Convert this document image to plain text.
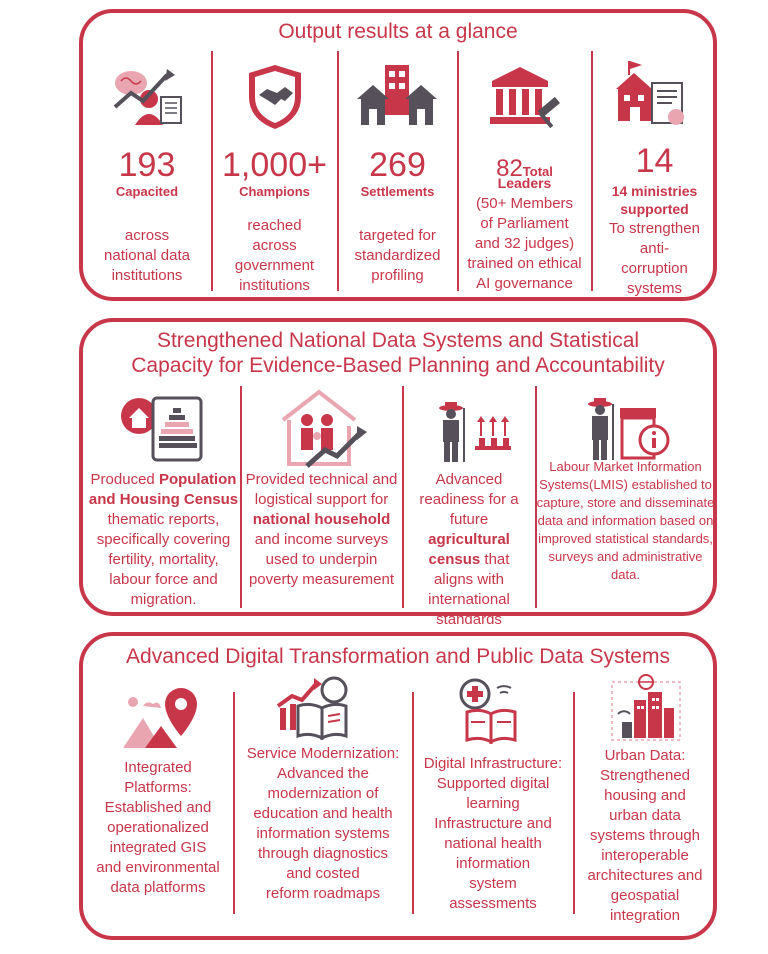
Output results at a glance
193
Capacited
across
national data
institutions
1,000+
Champions
reached
across
government
institutions
269
Settlements
targeted for
standardized
profiling
82Total
Leaders
(50+ Members
of Parliament
and 32 judges)
trained on ethical
AI governance
14
14 ministries
supported
To strengthen
anti-
corruption
systems
Strengthened National Data Systems and Statistical
Capacity for Evidence-Based Planning and Accountability
Produced Population and Housing Census thematic reports, specifically covering fertility, mortality, labour force and migration.
Provided technical and logistical support for national household and income surveys used to underpin poverty measurement
Advanced readiness for a future agricultural census that aligns with international standards
Labour Market Information Systems(LMIS) established to capture, store and disseminate data and information based on improved statistical standards, surveys and administrative data.
Advanced Digital Transformation and Public Data Systems
Integrated
Platforms:
Established and
operationalized
integrated GIS
and environmental
data platforms
Service Modernization:
Advanced the
modernization of
education and health
information systems
through diagnostics
and costed
reform roadmaps
Digital Infrastructure:
Supported digital
learning
Infrastructure and
national health
information
system
assessments
Urban Data:
Strengthened
housing and
urban data
systems through
interoperable
architectures and
geospatial
integration
